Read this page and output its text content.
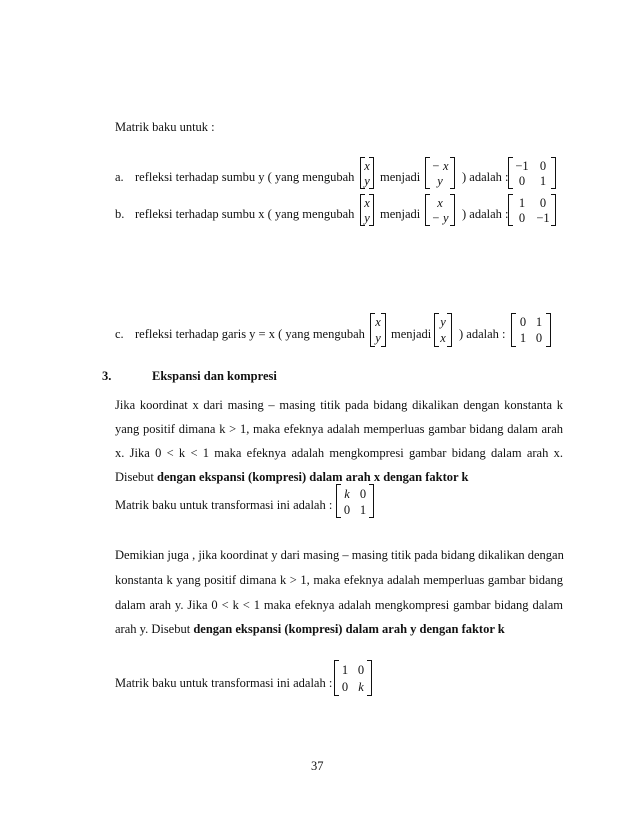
Matrik baku untuk :
a. refleksi terhadap sumbu y ( yang mengubah
x
y menjadi
− x
y	) adalah :
−1 0
0	1
b. refleksi terhadap sumbu x ( yang mengubah
x
y menjadi
x
− y	) adalah :
1	0
0 −1
c. refleksi terhadap garis y = x ( yang mengubah
x
y menjadi
y
x	) adalah :
0 1
1 0
3.	Ekspansi dan kompresi
Jika koordinat x dari masing – masing titik pada bidang dikalikan dengan konstanta k
yang positif dimana k > 1, maka efeknya adalah memperluas gambar bidang dalam arah
x. Jika 0 < k < 1 maka efeknya adalah mengkompresi gambar bidang dalam arah x.
Disebut dengan ekspansi (kompresi) dalam arah x dengan faktor k
Matrik baku untuk transformasi ini adalah :
k 0
0 1
Demikian juga , jika koordinat y dari masing – masing titik pada bidang dikalikan dengan
konstanta k yang positif dimana k > 1, maka efeknya adalah memperluas gambar bidang
dalam arah y. Jika 0 < k < 1 maka efeknya adalah mengkompresi gambar bidang dalam
arah y. Disebut dengan ekspansi (kompresi) dalam arah y dengan faktor k
Matrik baku untuk transformasi ini adalah :
1 0
0 k
37
